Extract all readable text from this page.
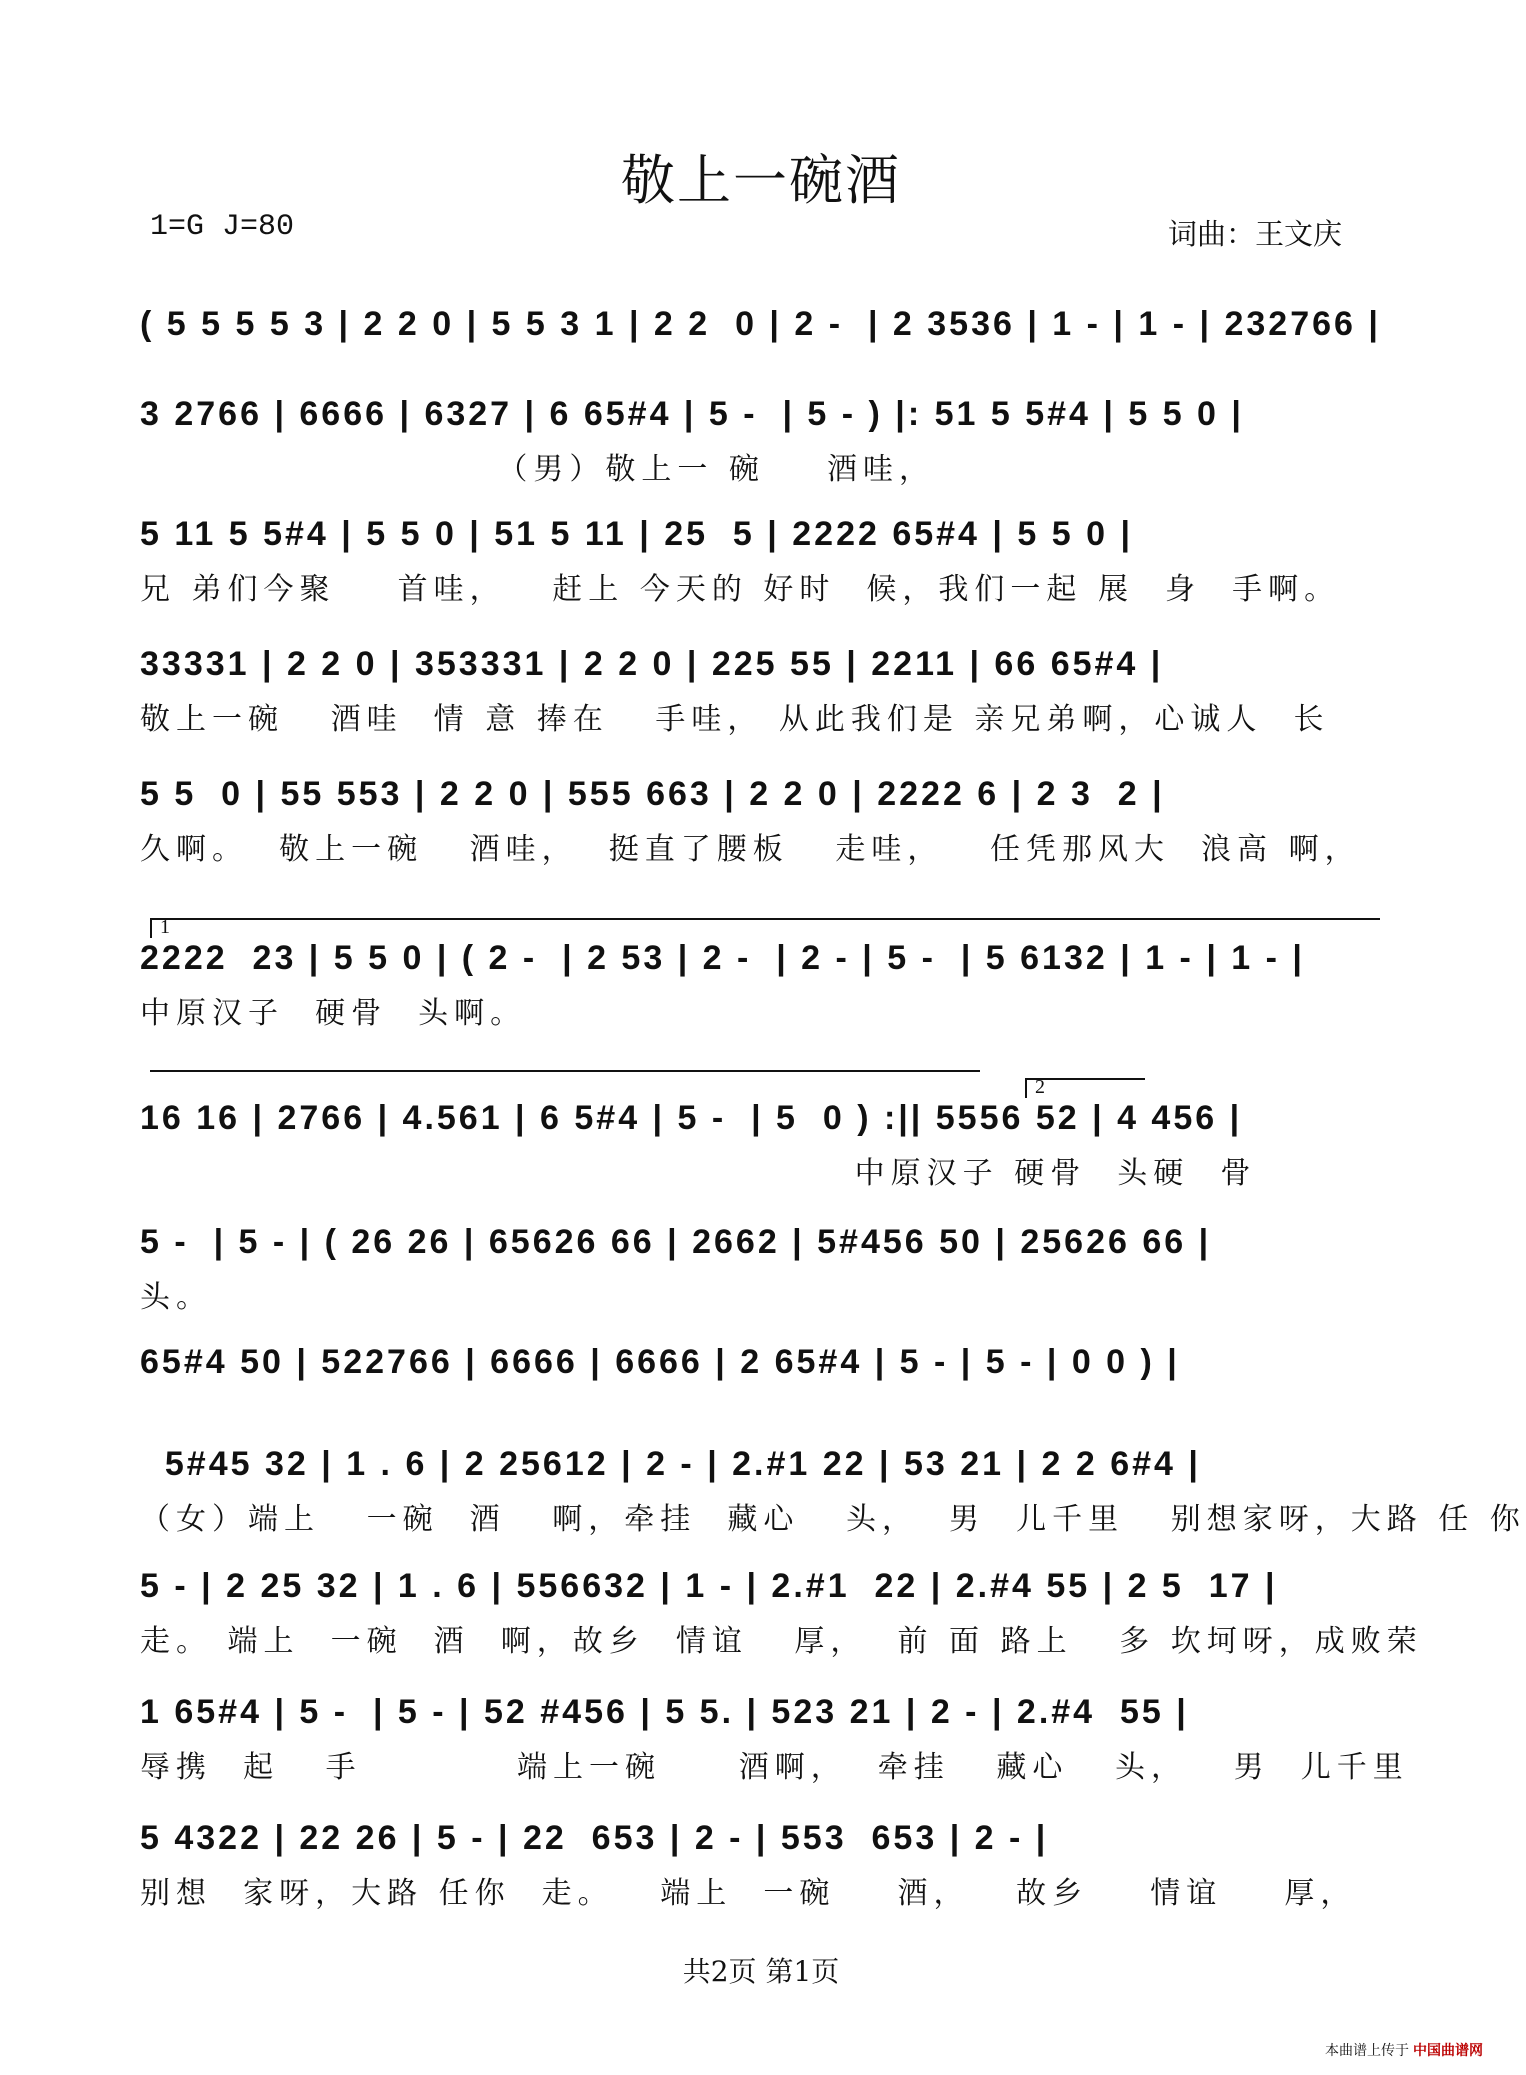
敬上一碗酒
1=G J=80	词曲：王文庆
( 5 5 5 5 3 | 2 2 0 | 5 5 3 1 | 2 2  0 | 2 -  | 2 3536 | 1 - | 1 - | 232766 |
3 2766 | 6666 | 6327 | 6 65#4 | 5 -  | 5 - ) |: 51 5 5#4 | 5 5 0 |
（男）敬上一 碗    酒哇，
5 11 5 5#4 | 5 5 0 | 51 5 11 | 25  5 | 2222 65#4 | 5 5 0 |
兄 弟们今聚    首哇，   赶上 今天的 好时  候，我们一起 展  身  手啊。
33331 | 2 2 0 | 353331 | 2 2 0 | 225 55 | 2211 | 66 65#4 |
敬上一碗   酒哇  情 意 捧在   手哇， 从此我们是 亲兄弟啊，心诚人  长
5 5  0 | 55 553 | 2 2 0 | 555 663 | 2 2 0 | 2222 6 | 2 3  2 |
久啊。  敬上一碗   酒哇，  挺直了腰板   走哇，   任凭那风大  浪高 啊，
1
2222  23 | 5 5 0 | ( 2 -  | 2 53 | 2 -  | 2 - | 5 -  | 5 6132 | 1 - | 1 - |
中原汉子  硬骨  头啊。
2
16 16 | 2766 | 4.561 | 6 5#4 | 5 -  | 5  0 ) :|| 5556 52 | 4 456 |
中原汉子 硬骨  头硬  骨
5 -  | 5 - | ( 26 26 | 65626 66 | 2662 | 5#456 50 | 25626 66 |
头。
65#4 50 | 522766 | 6666 | 6666 | 2 65#4 | 5 - | 5 - | 0 0 ) |
5#45 32 | 1 . 6 | 2 25612 | 2 - | 2.#1 22 | 53 21 | 2 2 6#4 |
（女）端上   一碗  酒   啊，牵挂  藏心   头，  男  儿千里   别想家呀，大路 任 你
5 - | 2 25 32 | 1 . 6 | 556632 | 1 - | 2.#1  22 | 2.#4 55 | 2 5  17 |
走。 端上  一碗  酒  啊，故乡  情谊   厚，  前 面 路上   多 坎坷呀，成败荣
1 65#4 | 5 -  | 5 - | 52 #456 | 5 5. | 523 21 | 2 - | 2.#4  55 |
辱携  起   手          端上一碗     酒啊，  牵挂   藏心   头，   男  儿千里
5 4322 | 22 26 | 5 - | 22  653 | 2 - | 553  653 | 2 - |
别想  家呀，大路 任你  走。   端上  一碗    酒，   故乡    情谊    厚，
共2页 第1页
本曲谱上传于 中国曲谱网
